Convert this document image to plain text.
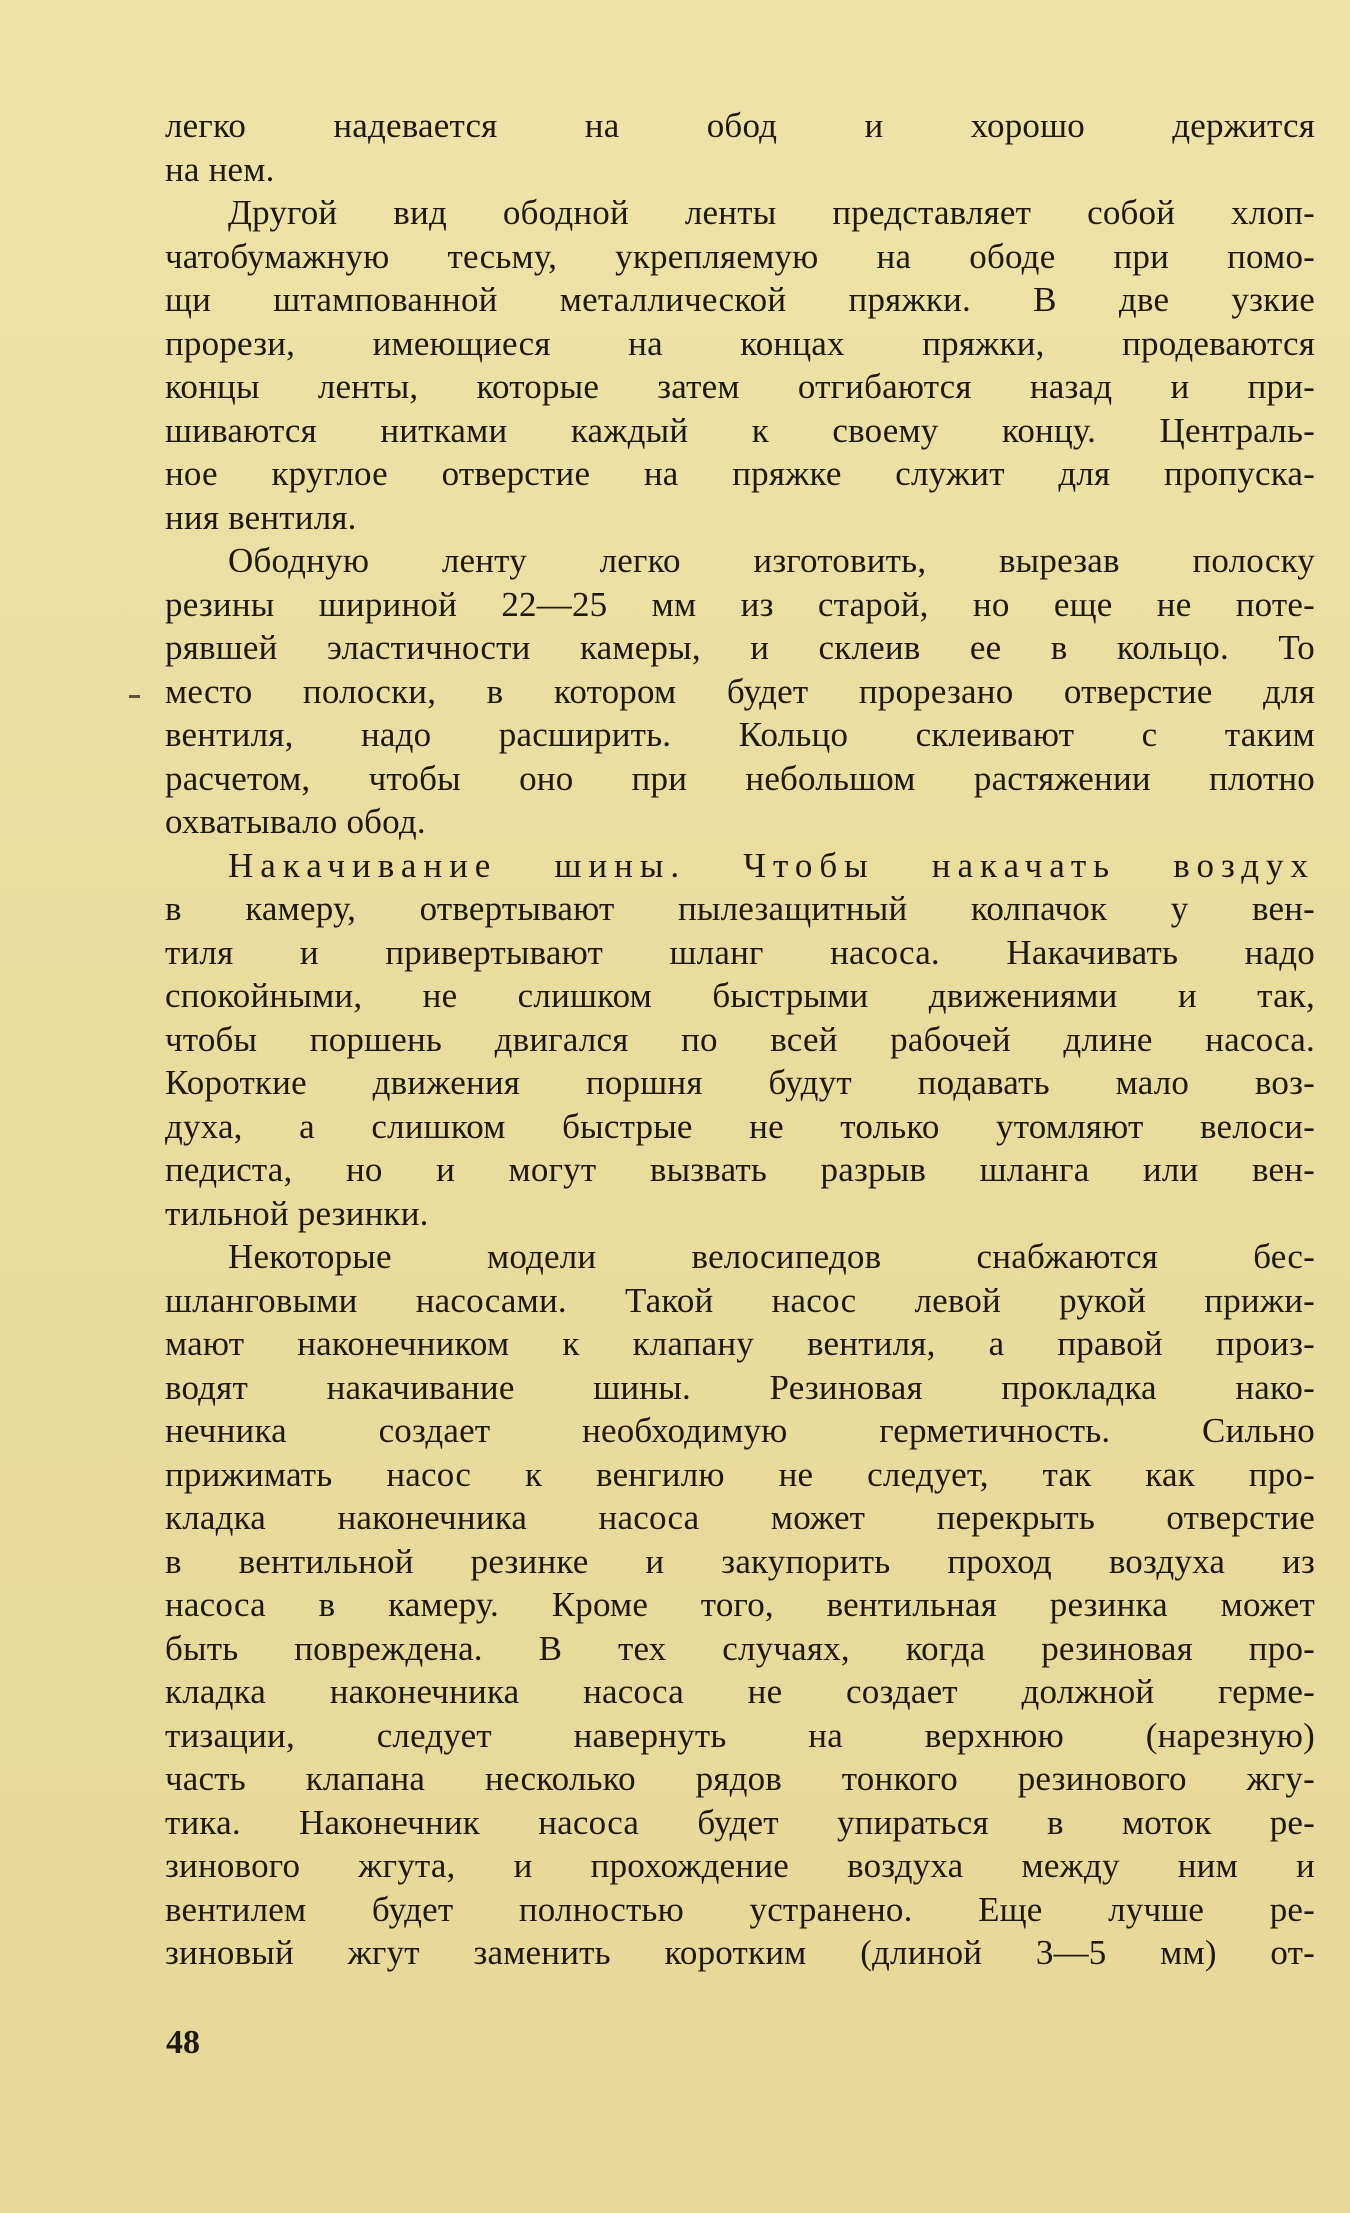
легко надевается на обод и хорошо держится
на нем.
Другой вид ободной ленты представляет собой хлоп-
чатобумажную тесьму, укрепляемую на ободе при помо-
щи штампованной металлической пряжки. В две узкие
прорези, имеющиеся на концах пряжки, продеваются
концы ленты, которые затем отгибаются назад и при-
шиваются нитками каждый к своему концу. Централь-
ное круглое отверстие на пряжке служит для пропуска-
ния вентиля.
Ободную ленту легко изготовить, вырезав полоску
резины шириной 22—25 мм из старой, но еще не поте-
рявшей эластичности камеры, и склеив ее в кольцо. То
место полоски, в котором будет прорезано отверстие для
вентиля, надо расширить. Кольцо склеивают с таким
расчетом, чтобы оно при небольшом растяжении плотно
охватывало обод.
Накачивание шины. Чтобы накачать воздух
в камеру, отвертывают пылезащитный колпачок у вен-
тиля и привертывают шланг насоса. Накачивать надо
спокойными, не слишком быстрыми движениями и так,
чтобы поршень двигался по всей рабочей длине насоса.
Короткие движения поршня будут подавать мало воз-
духа, а слишком быстрые не только утомляют велоси-
педиста, но и могут вызвать разрыв шланга или вен-
тильной резинки.
Некоторые модели велосипедов снабжаются бес-
шланговыми насосами. Такой насос левой рукой прижи-
мают наконечником к клапану вентиля, а правой произ-
водят накачивание шины. Резиновая прокладка нако-
нечника создает необходимую герметичность. Сильно
прижимать насос к венгилю не следует, так как про-
кладка наконечника насоса может перекрыть отверстие
в вентильной резинке и закупорить проход воздуха из
насоса в камеру. Кроме того, вентильная резинка может
быть повреждена. В тех случаях, когда резиновая про-
кладка наконечника насоса не создает должной герме-
тизации, следует навернуть на верхнюю (нарезную)
часть клапана несколько рядов тонкого резинового жгу-
тика. Наконечник насоса будет упираться в моток ре-
зинового жгута, и прохождение воздуха между ним и
вентилем будет полностью устранено. Еще лучше ре-
зиновый жгут заменить коротким (длиной 3—5 мм) от-
48
